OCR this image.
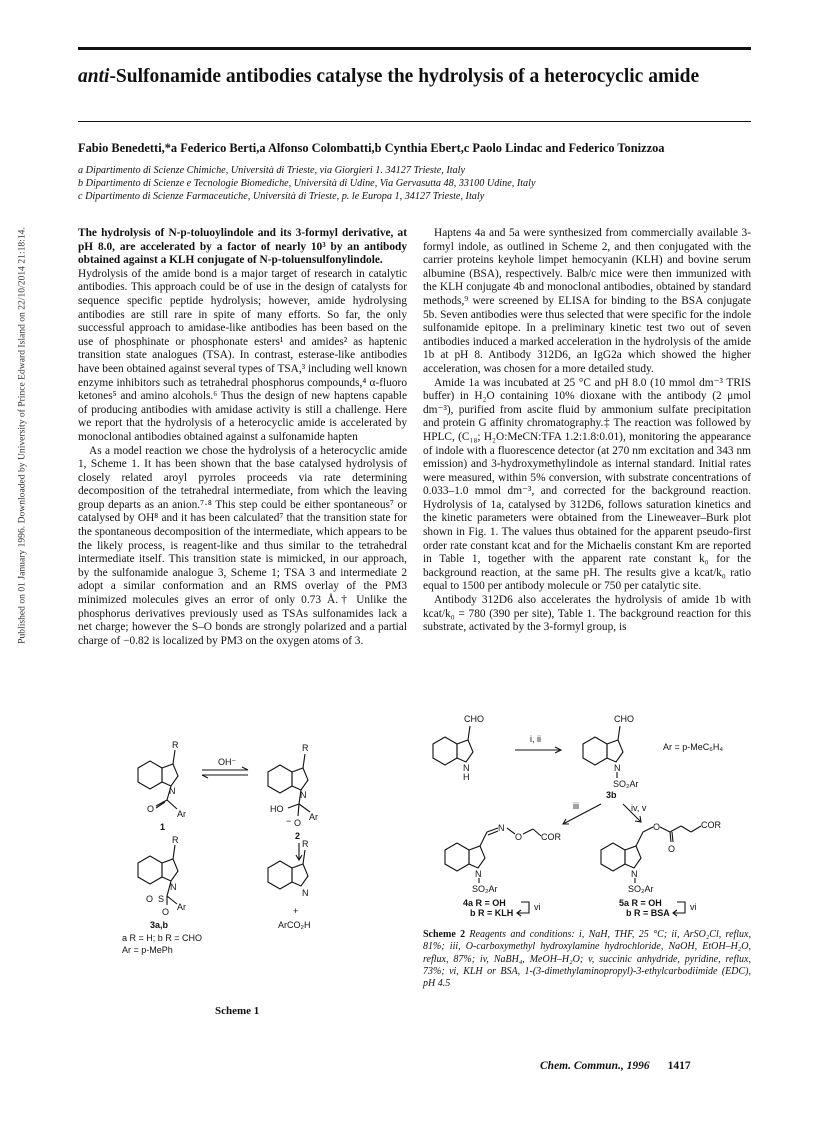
anti-Sulfonamide antibodies catalyse the hydrolysis of a heterocyclic amide
Fabio Benedetti,*a Federico Berti,a Alfonso Colombatti,b Cynthia Ebert,c Paolo Lindac and Federico Tonizzoa
a Dipartimento di Scienze Chimiche, Università di Trieste, via Giorgieri 1. 34127 Trieste, Italy
b Dipartimento di Scienze e Tecnologie Biomediche, Università di Udine, Via Gervasutta 48, 33100 Udine, Italy
c Dipartimento di Scienze Farmaceutiche, Università di Trieste, p. le Europa 1, 34127 Trieste, Italy
Published on 01 January 1996. Downloaded by University of Prince Edward Island on 22/10/2014 21:18:14.	The hydrolysis of N-p-toluoylindole and its 3-formyl derivative, at pH 8.0, are accelerated by a factor of nearly 10³ by an antibody obtained against a KLH conjugate of N-p-toluensulfonylindole.

Hydrolysis of the amide bond is a major target of research in catalytic antibodies. This approach could be of use in the design of catalysts for sequence specific peptide hydrolysis; however, amide hydrolysing antibodies are still rare in spite of many efforts. So far, the only successful approach to amidase-like antibodies has been based on the use of phosphinate or phosphonate esters¹ and amides² as haptenic transition state analogues (TSA). In contrast, esterase-like antibodies have been obtained against several types of TSA,³ including well known enzyme inhibitors such as tetrahedral phosphorus compounds,⁴ α-fluoro ketones⁵ and amino alcohols.⁶ Thus the design of new haptens capable of producing antibodies with amidase activity is still a challenge. Here we report that the hydrolysis of a heterocyclic amide is accelerated by monoclonal antibodies obtained against a sulfonamide hapten

As a model reaction we chose the hydrolysis of a heterocyclic amide 1, Scheme 1. It has been shown that the base catalysed hydrolysis of closely related aroyl pyrroles proceeds via rate determining decomposition of the tetrahedral intermediate, from which the leaving group departs as an anion.⁷·⁸ This step could be either spontaneous⁷ or catalysed by OH⁸ and it has been calculated⁷ that the transition state for the spontaneous decomposition of the intermediate, which appears to be the likely process, is reagent-like and thus similar to the tetrahedral intermediate itself. This transition state is mimicked, in our approach, by the sulfonamide analogue 3, Scheme 1; TSA 3 and intermediate 2 adopt a similar conformation and an RMS overlay of the PM3 minimized molecules gives an error of only 0.73 Å.† Unlike the phosphorus derivatives previously used as TSAs sulfonamides lack a net charge; however the S–O bonds are strongly polarized and a partial charge of −0.82 is localized by PM3 on the oxygen atoms of 3.

Haptens 4a and 5a were synthesized from commercially available 3-formyl indole, as outlined in Scheme 2, and then conjugated with the carrier proteins keyhole limpet hemocyanin (KLH) and bovine serum albumine (BSA), respectively. Balb/c mice were then immunized with the KLH conjugate 4b and monoclonal antibodies, obtained by standard methods,⁹ were screened by ELISA for binding to the BSA conjugate 5b. Seven antibodies were thus selected that were specific for the indole sulfonamide epitope. In a preliminary kinetic test two out of seven antibodies induced a marked acceleration in the hydrolysis of the amide 1b at pH 8. Antibody 312D6, an IgG2a which showed the higher acceleration, was chosen for a more detailed study.

Amide 1a was incubated at 25 °C and pH 8.0 (10 mmol dm⁻³ TRIS buffer) in H₂O containing 10% dioxane with the antibody (2 μmol dm⁻³), purified from ascite fluid by ammonium sulfate precipitation and protein G affinity chromatography.‡ The reaction was followed by HPLC, (C₁₈; H₂O:MeCN:TFA 1.2:1.8:0.01), monitoring the appearance of indole with a fluorescence detector (at 270 nm excitation and 343 nm emission) and 3-hydroxymethylindole as internal standard. Initial rates were measured, within 5% conversion, with substrate concentrations of 0.033–1.0 mmol dm⁻³, and corrected for the background reaction. Hydrolysis of 1a, catalysed by 312D6, follows saturation kinetics and the kinetic parameters were obtained from the Lineweaver–Burk plot shown in Fig. 1. The values thus obtained for the apparent pseudo-first order rate constant kcat and for the Michaelis constant Km are reported in Table 1, together with the apparent rate constant k₀ for the background reaction, at the same pH. The results give a kcat/k₀ ratio equal to 1500 per antibody molecule or 750 per catalytic site.

Antibody 312D6 also accelerates the hydrolysis of amide 1b with kcat/k₀ = 780 (390 per site), Table 1. The background reaction for this substrate, activated by the 3-formyl group, is

R
N
O	Ar
1
OH⁻
R
N
HO
Ar
O
−
2
R
N
O S
Ar
O
3a,b
a R = H; b R = CHO
Ar = p-MePh
R
N
+
ArCO₂H
Scheme 1
CHO
N
H
i, ii
CHO
N
SO₂Ar
3b
Ar = p-MeC₆H₄
iii	iv, v
N
O COR
N
SO₂Ar
4a R = OH
b R = KLH
vi
O
O
COR
N
SO₂Ar
5a R = OH
b R = BSA
vi
Scheme 2 Reagents and conditions: i, NaH, THF, 25 °C; ii, ArSO₂Cl, reflux, 81%; iii, O-carboxymethyl hydroxylamine hydrochloride, NaOH, EtOH–H₂O, reflux, 87%; iv, NaBH₄, MeOH–H₂O; v, succinic anhydride, pyridine, reflux, 73%; vi, KLH or BSA, 1-(3-dimethylaminopropyl)-3-ethylcarbodiimide (EDC), pH 4.5
Chem. Commun., 1996 1417
